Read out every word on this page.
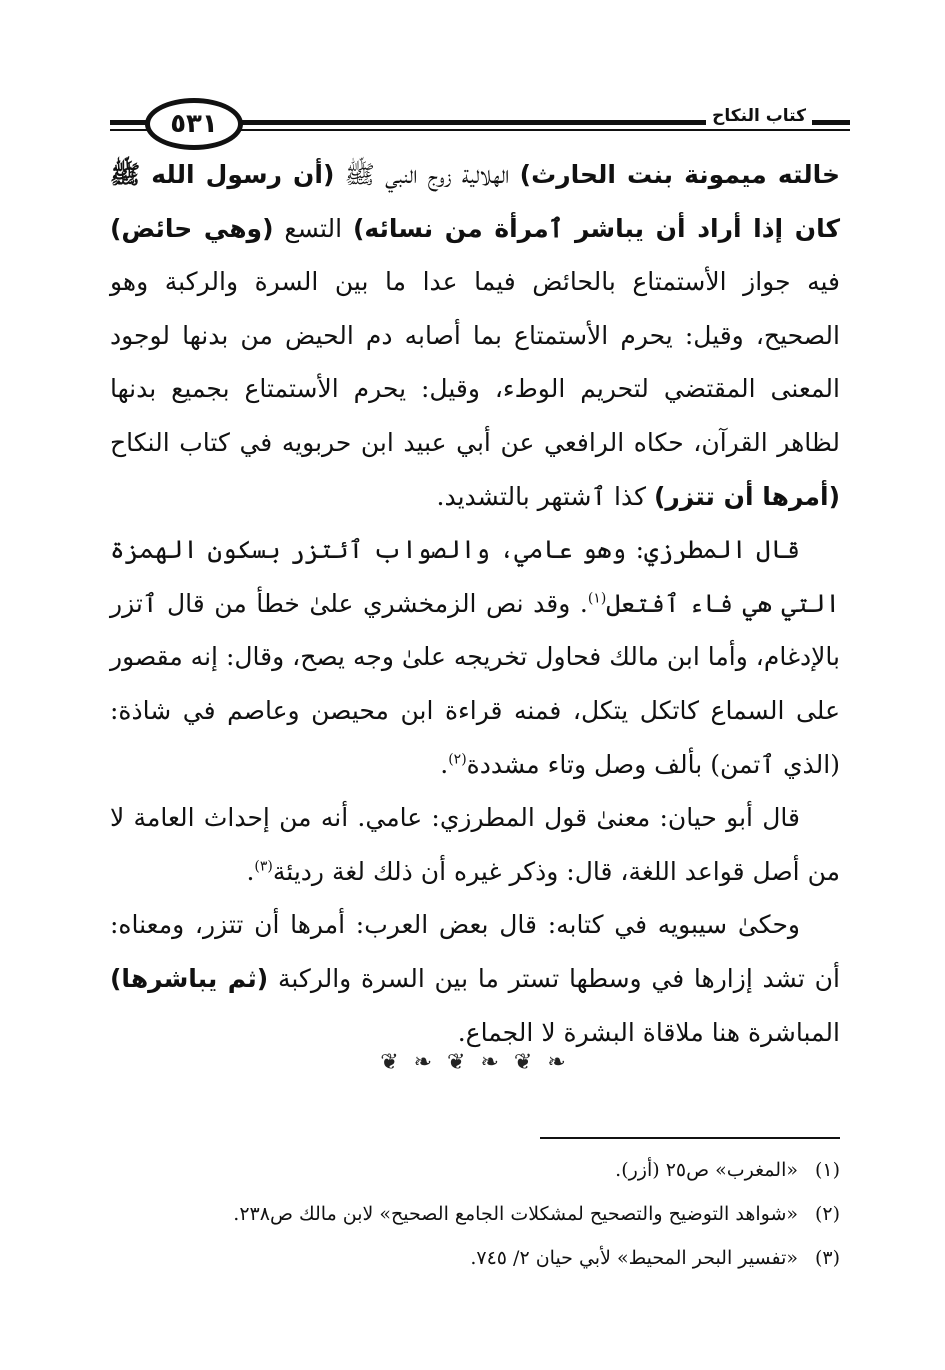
٥٣١	كتاب النكاح

خالته ميمونة بنت الحارث) الهلالية زوج النبي ﷺ (أن رسول الله ﷺ كان إذا أراد أن يباشر ٱمرأة من نسائه) التسع (وهي حائض) فيه جواز الأستمتاع بالحائض فيما عدا ما بين السرة والركبة وهو الصحيح، وقيل: يحرم الأستمتاع بما أصابه دم الحيض من بدنها لوجود المعنى المقتضي لتحريم الوطء، وقيل: يحرم الأستمتاع بجميع بدنها لظاهر القرآن، حكاه الرافعي عن أبي عبيد ابن حربويه في كتاب النكاح (أمرها أن تتزر) كذا ٱشتهر بالتشديد.

قال المطرزي: وهو عامي، والصواب ٱئتزر بسكون الهمزة التي هي فاء ٱفتعل$^{(١)}$. وقد نص الزمخشري علىٰ خطأ من قال ٱتزر بالإدغام، وأما ابن مالك فحاول تخريجه علىٰ وجه يصح، وقال: إنه مقصور على السماع كاتكل يتكل، فمنه قراءة ابن محيصن وعاصم في شاذة: (الذي ٱتمن) بألف وصل وتاء مشددة$^{(٢)}$.

قال أبو حيان: معنىٰ قول المطرزي: عامي. أنه من إحداث العامة لا من أصل قواعد اللغة، قال: وذكر غيره أن ذلك لغة رديئة$^{(٣)}$.

وحكىٰ سيبويه في كتابه: قال بعض العرب: أمرها أن تتزر، ومعناه: أن تشد إزارها في وسطها تستر ما بين السرة والركبة (ثم يباشرها) المباشرة هنا ملاقاة البشرة لا الجماع.

❦ ❧ ❦ ❧ ❦ ❧

(١)«المغرب» ص٢٥ (أزر).

(٢)«شواهد التوضيح والتصحيح لمشكلات الجامع الصحيح» لابن مالك ص٢٣٨.

(٣)«تفسير البحر المحيط» لأبي حيان ٢/ ٧٤٥.
